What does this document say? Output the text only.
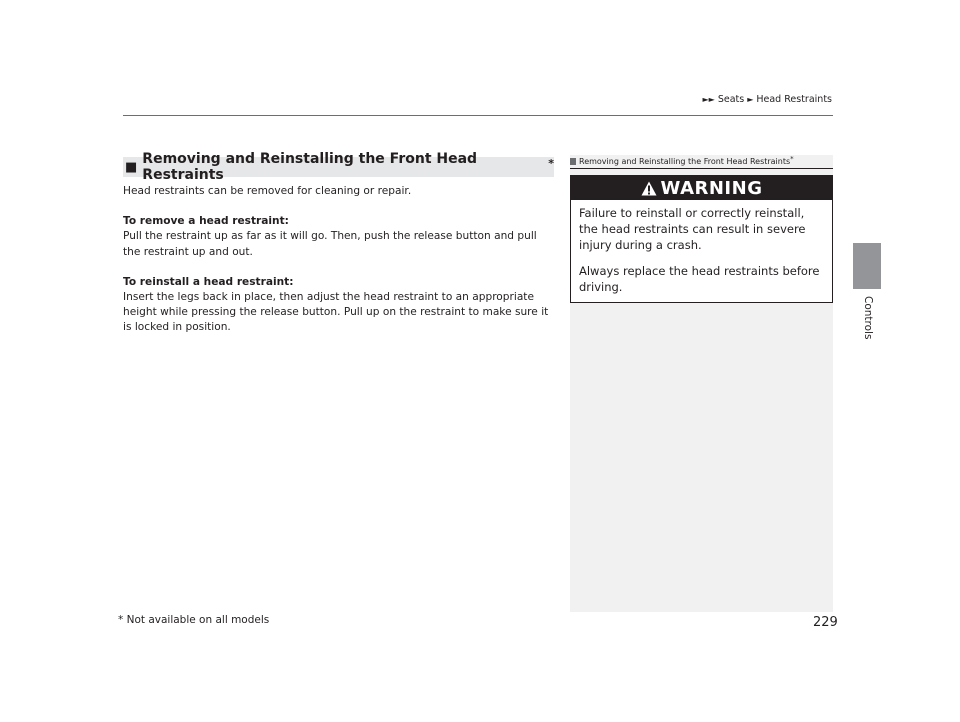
►► Seats ► Head Restraints
Controls
■ Removing and Reinstalling the Front Head Restraints
*

Head restraints can be removed for cleaning or repair.

To remove a head restraint:

Pull the restraint up as far as it will go. Then, push the release button and pull the restraint up and out.

To reinstall a head restraint:

Insert the legs back in place, then adjust the head restraint to an appropriate height while pressing the release button. Pull up on the restraint to make sure it is locked in position.

Removing and Reinstalling the Front Head Restraints *
WARNING

Failure to reinstall or correctly reinstall, the head restraints can result in severe injury during a crash.

Always replace the head restraints before driving.

* Not available on all models	229
